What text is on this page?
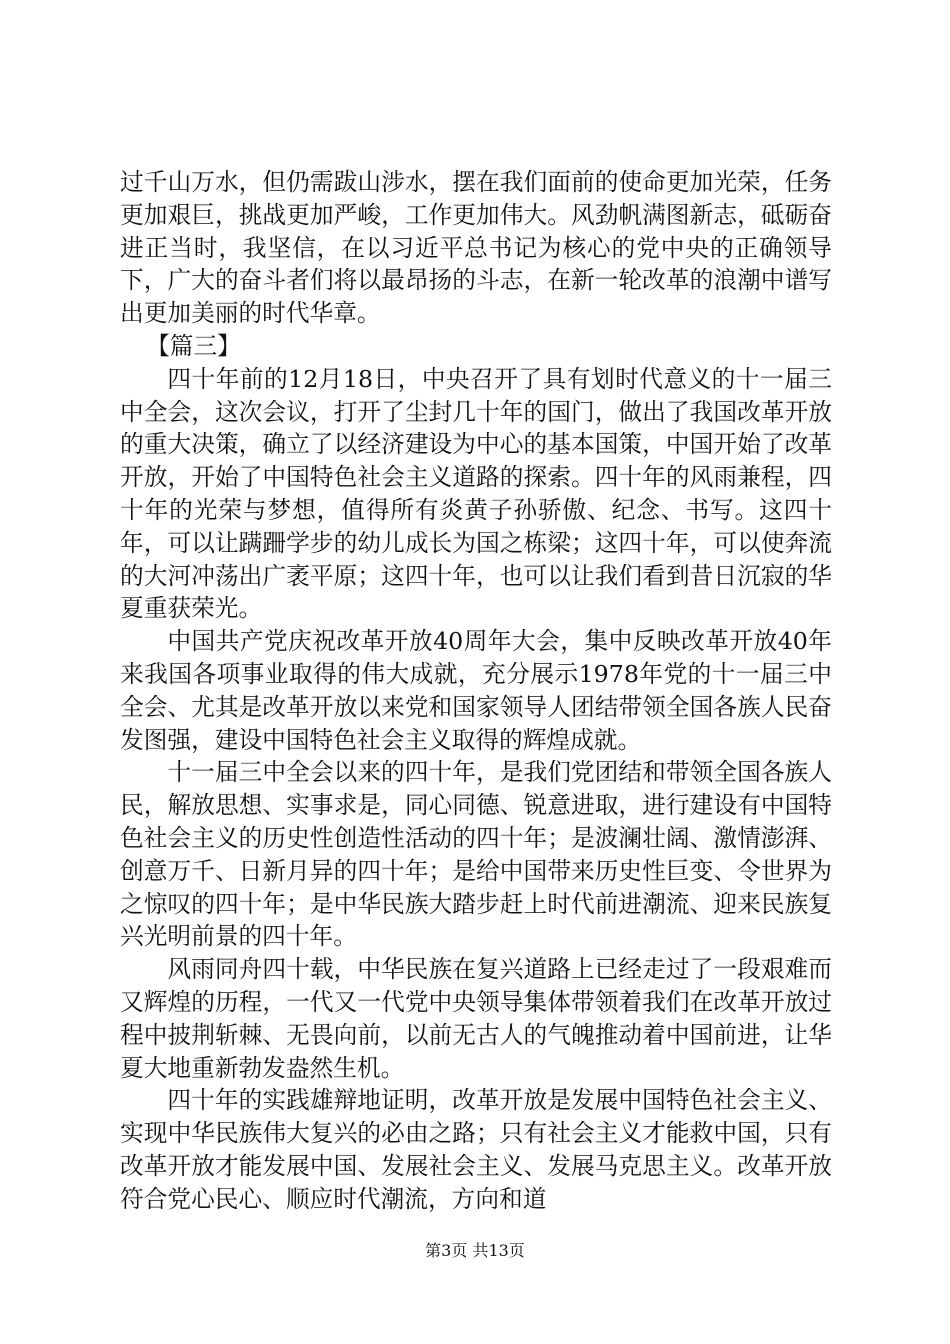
过千山万水，但仍需跋山涉水，摆在我们面前的使命更加光荣，任务更加艰巨，挑战更加严峻，工作更加伟大。风劲帆满图新志，砥砺奋进正当时，我坚信，在以习近平总书记为核心的党中央的正确领导下，广大的奋斗者们将以最昂扬的斗志，在新一轮改革的浪潮中谱写出更加美丽的时代华章。

【篇三】

四十年前的12月18日，中央召开了具有划时代意义的十一届三中全会，这次会议，打开了尘封几十年的国门，做出了我国改革开放的重大决策，确立了以经济建设为中心的基本国策，中国开始了改革开放，开始了中国特色社会主义道路的探索。四十年的风雨兼程，四十年的光荣与梦想，值得所有炎黄子孙骄傲、纪念、书写。这四十年，可以让蹒跚学步的幼儿成长为国之栋梁；这四十年，可以使奔流的大河冲荡出广袤平原；这四十年，也可以让我们看到昔日沉寂的华夏重获荣光。

中国共产党庆祝改革开放40周年大会，集中反映改革开放40年来我国各项事业取得的伟大成就，充分展示1978年党的十一届三中全会、尤其是改革开放以来党和国家领导人团结带领全国各族人民奋发图强，建设中国特色社会主义取得的辉煌成就。

十一届三中全会以来的四十年，是我们党团结和带领全国各族人民，解放思想、实事求是，同心同德、锐意进取，进行建设有中国特色社会主义的历史性创造性活动的四十年；是波澜壮阔、激情澎湃、创意万千、日新月异的四十年；是给中国带来历史性巨变、令世界为之惊叹的四十年；是中华民族大踏步赶上时代前进潮流、迎来民族复兴光明前景的四十年。

风雨同舟四十载，中华民族在复兴道路上已经走过了一段艰难而又辉煌的历程，一代又一代党中央领导集体带领着我们在改革开放过程中披荆斩棘、无畏向前，以前无古人的气魄推动着中国前进，让华夏大地重新勃发盎然生机。

四十年的实践雄辩地证明，改革开放是发展中国特色社会主义、实现中华民族伟大复兴的必由之路；只有社会主义才能救中国，只有改革开放才能发展中国、发展社会主义、发展马克思主义。改革开放符合党心民心、顺应时代潮流，方向和道

第3页 共13页
